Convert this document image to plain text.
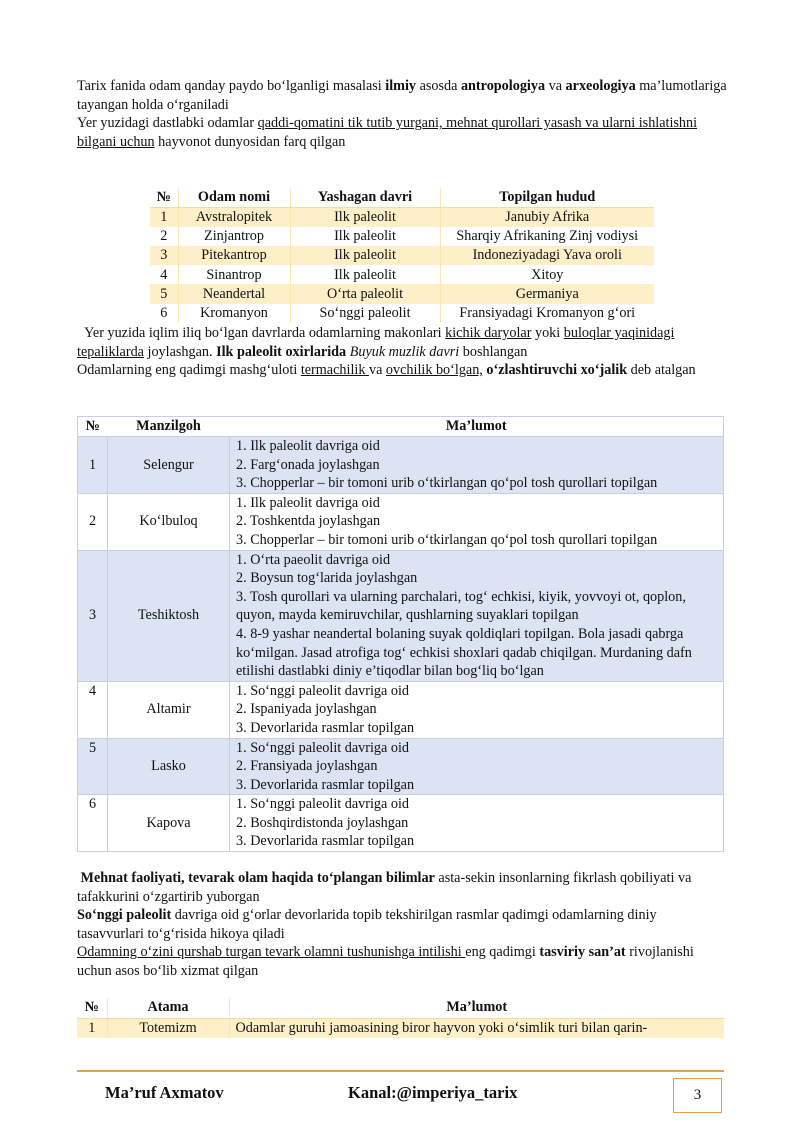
Tarix fanida odam qanday paydo bo‘lganligi masalasi ilmiy asosda antropologiya va arxeologiya ma’lumotlariga tayangan holda o‘rganiladi
Yer yuzidagi dastlabki odamlar qaddi-qomatini tik tutib yurgani, mehnat qurollari yasash va ularni ishlatishni bilgani uchun hayvonot dunyosidan farq qilgan
№	Odam nomi	Yashagan davri	Topilgan hudud
1	Avstralopitek	Ilk paleolit	Janubiy Afrika
2	Zinjantrop	Ilk paleolit	Sharqiy Afrikaning Zinj vodiysi
3	Pitekantrop	Ilk paleolit	Indoneziyadagi Yava oroli
4	Sinantrop	Ilk paleolit	Xitoy
5	Neandertal	O‘rta paleolit	Germaniya
6	Kromanyon	So‘nggi paleolit	Fransiyadagi Kromanyon g‘ori
Yer yuzida iqlim iliq bo‘lgan davrlarda odamlarning makonlari kichik daryolar yoki buloqlar yaqinidagi tepaliklarda joylashgan. Ilk paleolit oxirlarida Buyuk muzlik davri boshlangan
Odamlarning eng qadimgi mashg‘uloti termachilik va ovchilik bo‘lgan, o‘zlashtiruvchi xo‘jalik deb atalgan
№	Manzilgoh	Ma’lumot
1	Selengur	1. Ilk paleolit davriga oid
2. Farg‘onada joylashgan
3. Chopperlar – bir tomoni urib o‘tkirlangan qo‘pol tosh qurollari topilgan

2	Ko‘lbuloq	1. Ilk paleolit davriga oid
2. Toshkentda joylashgan
3. Chopperlar – bir tomoni urib o‘tkirlangan qo‘pol tosh qurollari topilgan

3	Teshiktosh	1. O‘rta paeolit davriga oid
2. Boysun tog‘larida joylashgan
3. Tosh qurollari va ularning parchalari, tog‘ echkisi, kiyik, yovvoyi ot, qoplon, quyon, mayda kemiruvchilar, qushlarning suyaklari topilgan
4. 8-9 yashar neandertal bolaning suyak qoldiqlari topilgan. Bola jasadi qabrga ko‘milgan. Jasad atrofiga tog‘ echkisi shoxlari qadab chiqilgan. Murdaning dafn etilishi dastlabki diniy e’tiqodlar bilan bog‘liq bo‘lgan

4	Altamir	1. So‘nggi paleolit davriga oid
2. Ispaniyada joylashgan
3. Devorlarida rasmlar topilgan

5	Lasko	1. So‘nggi paleolit davriga oid
2. Fransiyada joylashgan
3. Devorlarida rasmlar topilgan

6	Kapova	1. So‘nggi paleolit davriga oid
2. Boshqirdistonda joylashgan
3. Devorlarida rasmlar topilgan
Mehnat faoliyati, tevarak olam haqida to‘plangan bilimlar asta-sekin insonlarning fikrlash qobiliyati va tafakkurini o‘zgartirib yuborgan
So‘nggi paleolit davriga oid g‘orlar devorlarida topib tekshirilgan rasmlar qadimgi odamlarning diniy tasavvurlari to‘g‘risida hikoya qiladi
Odamning o‘zini qurshab turgan tevark olamni tushunishga intilishi eng qadimgi tasviriy san’at rivojlanishi uchun asos bo‘lib xizmat qilgan
№	Atama	Ma’lumot
1	Totemizm	Odamlar guruhi jamoasining biror hayvon yoki o‘simlik turi bilan qarin-
Ma’ruf Axmatov	Kanal:@imperiya_tarix	3
